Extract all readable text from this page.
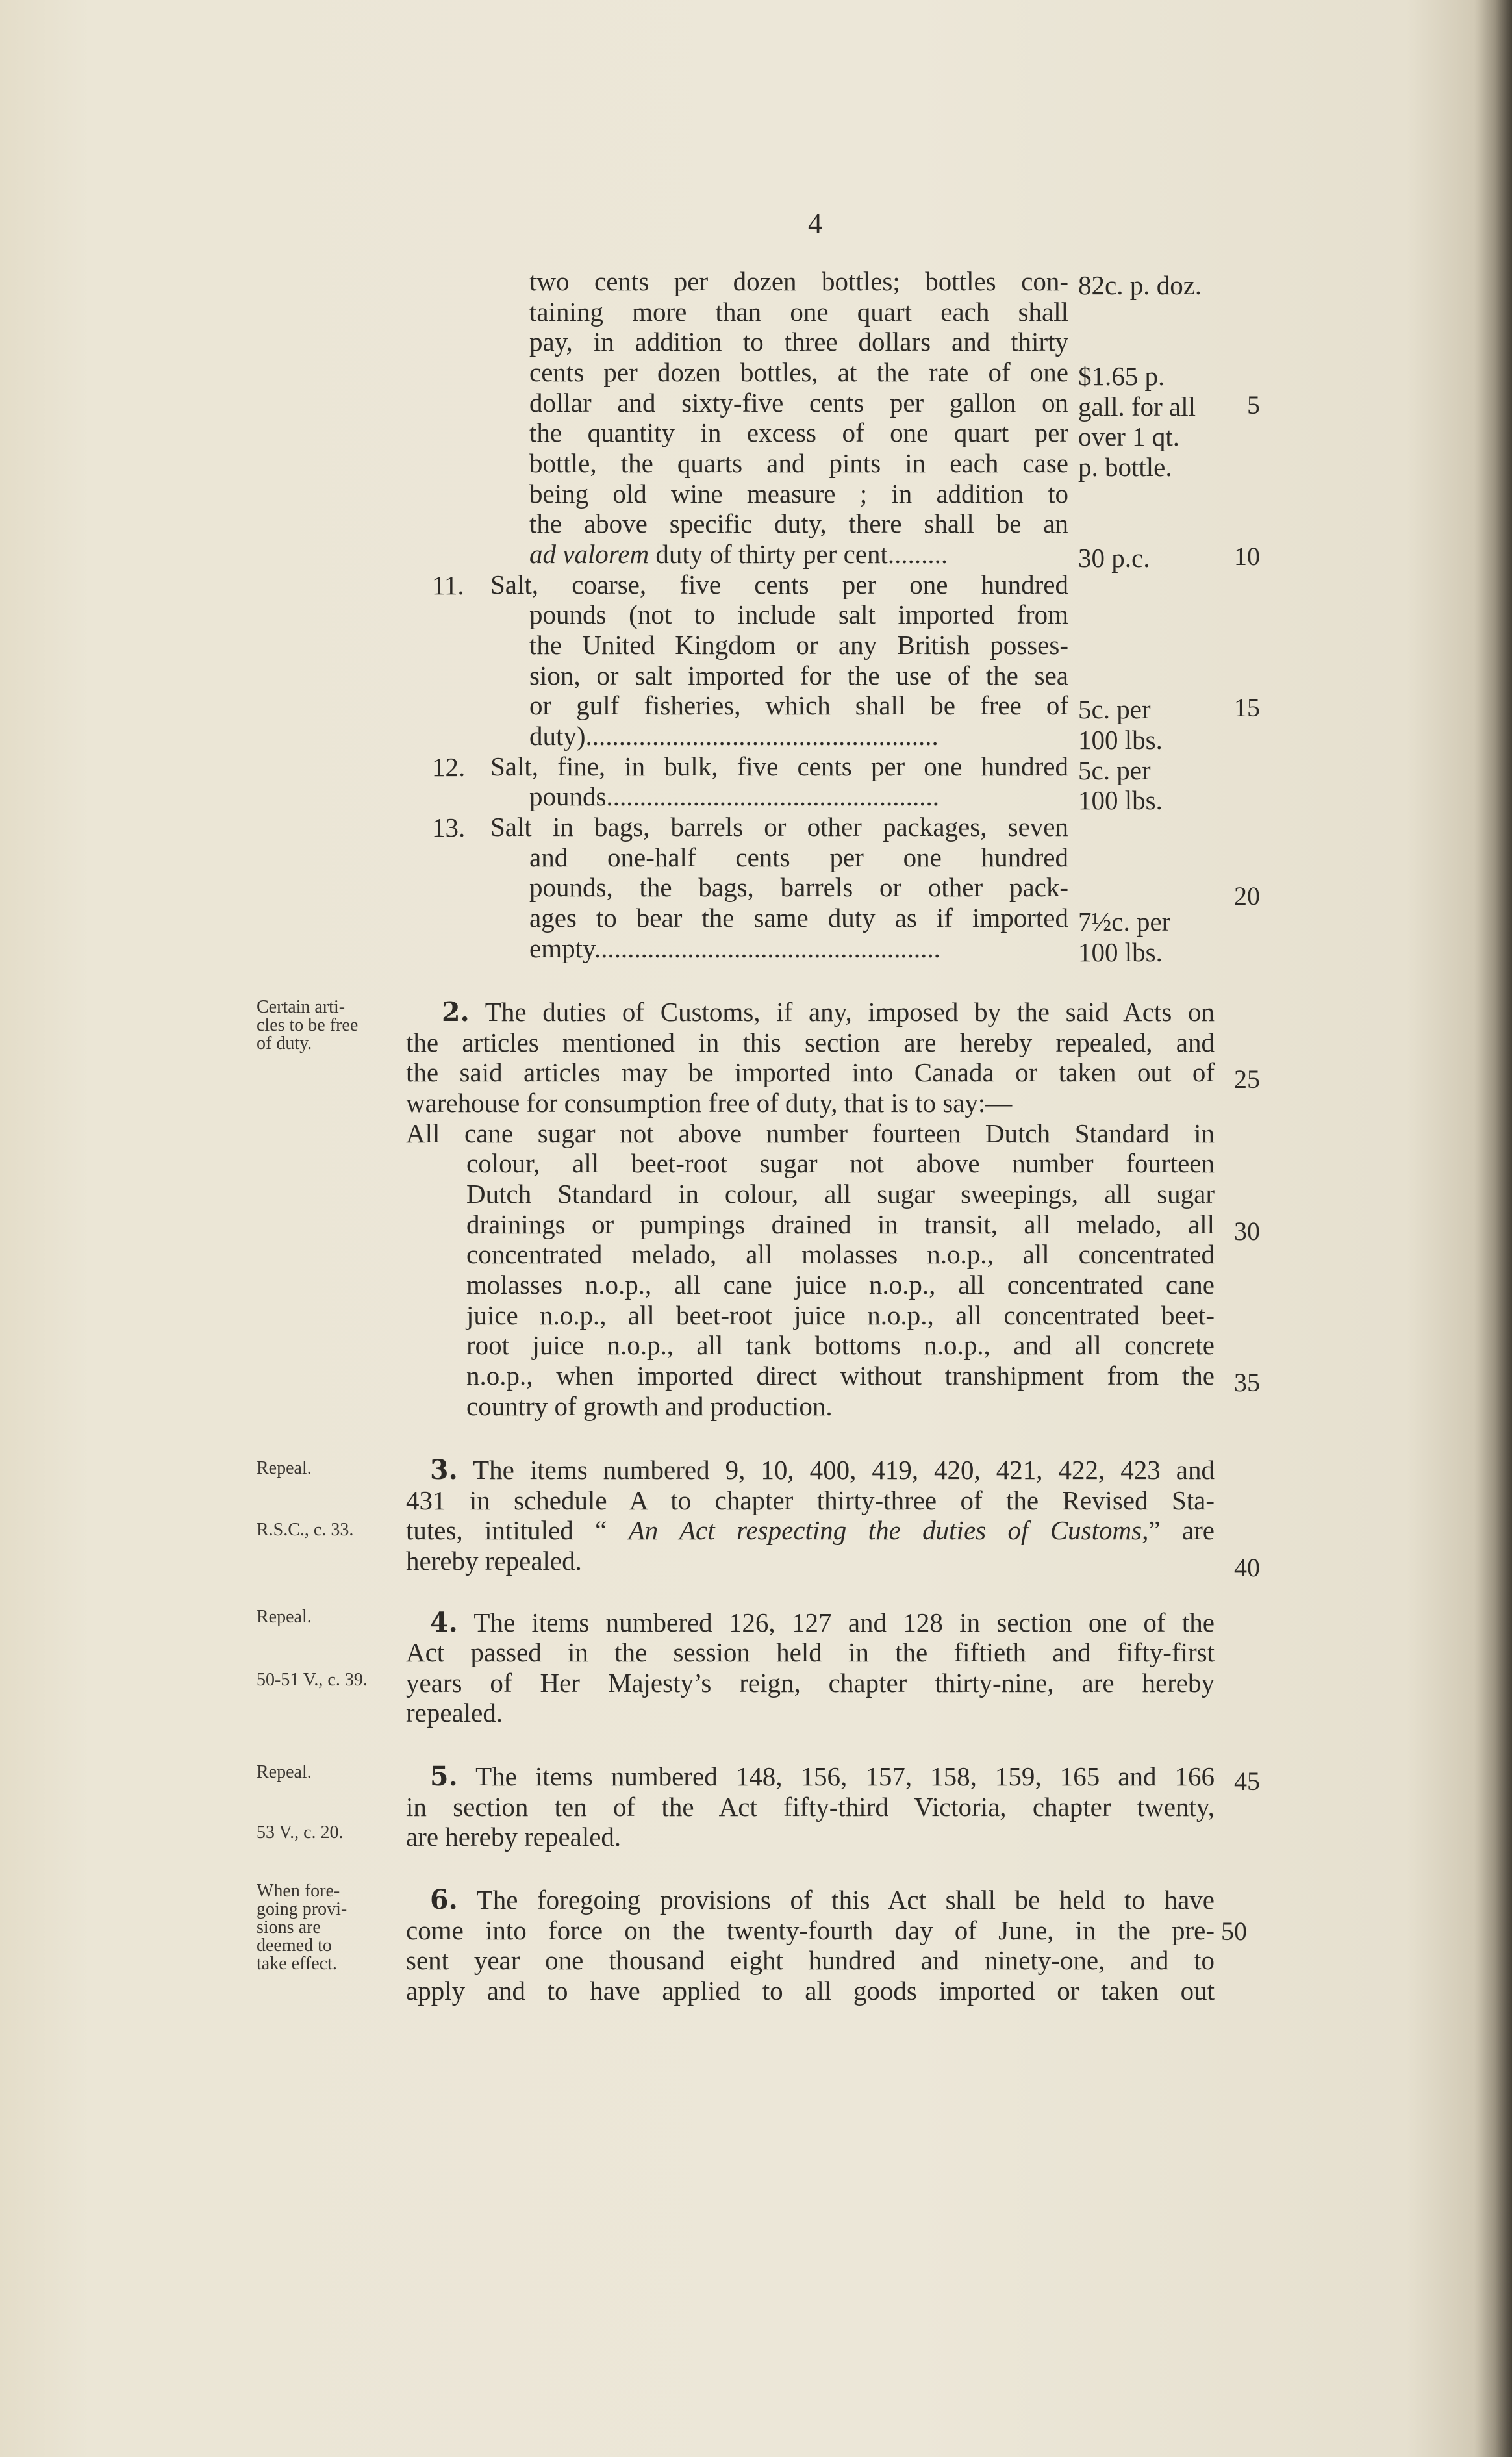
4
two cents per dozen bottles; bottles con-
taining more than one quart each shall
pay, in addition to three dollars and thirty
cents per dozen bottles, at the rate of one
dollar and sixty-five cents per gallon on
the quantity in excess of one quart per
bottle, the quarts and pints in each case
being old wine measure ; in addition to
the above specific duty, there shall be an
ad valorem duty of thirty per cent.........
82c. p. doz.
$1.65 p.
gall. for all
over 1 qt.
p. bottle.
30 p.c.
11. Salt, coarse, five cents per one hundred
pounds (not to include salt imported from
the United Kingdom or any British posses-
sion, or salt imported for the use of the sea
or gulf fisheries, which shall be free of
duty).....................................................
5c. per
100 lbs.
12. Salt, fine, in bulk, five cents per one hundred
pounds..................................................
5c. per
100 lbs.
13. Salt in bags, barrels or other packages, seven
and one-half cents per one hundred
pounds, the bags, barrels or other pack-
ages to bear the same duty as if imported
empty....................................................
7½c. per
100 lbs.
Certain arti-
cles to be free
of duty.
2. The duties of Customs, if any, imposed by the said Acts on
the articles mentioned in this section are hereby repealed, and
the said articles may be imported into Canada or taken out of
warehouse for consumption free of duty, that is to say:—
All cane sugar not above number fourteen Dutch Standard in
colour, all beet-root sugar not above number fourteen
Dutch Standard in colour, all sugar sweepings, all sugar
drainings or pumpings drained in transit, all melado, all
concentrated melado, all molasses n.o.p., all concentrated
molasses n.o.p., all cane juice n.o.p., all concentrated cane
juice n.o.p., all beet-root juice n.o.p., all concentrated beet-
root juice n.o.p., all tank bottoms n.o.p., and all concrete
n.o.p., when imported direct without transhipment from the
country of growth and production.
Repeal.
R.S.C., c. 33.
3. The items numbered 9, 10, 400, 419, 420, 421, 422, 423 and
431 in schedule A to chapter thirty-three of the Revised Sta-
tutes, intituled “ An Act respecting the duties of Customs,” are
hereby repealed.
Repeal.
50-51 V., c. 39.
4. The items numbered 126, 127 and 128 in section one of the
Act passed in the session held in the fiftieth and fifty-first
years of Her Majesty’s reign, chapter thirty-nine, are hereby
repealed.
Repeal.
53 V., c. 20.
5. The items numbered 148, 156, 157, 158, 159, 165 and 166
in section ten of the Act fifty-third Victoria, chapter twenty,
are hereby repealed.
When fore-
going provi-
sions are
deemed to
take effect.
6. The foregoing provisions of this Act shall be held to have
come into force on the twenty-fourth day of June, in the pre-
sent year one thousand eight hundred and ninety-one, and to
apply and to have applied to all goods imported or taken out
5
10
15
20
25
30
35
40
45
50
